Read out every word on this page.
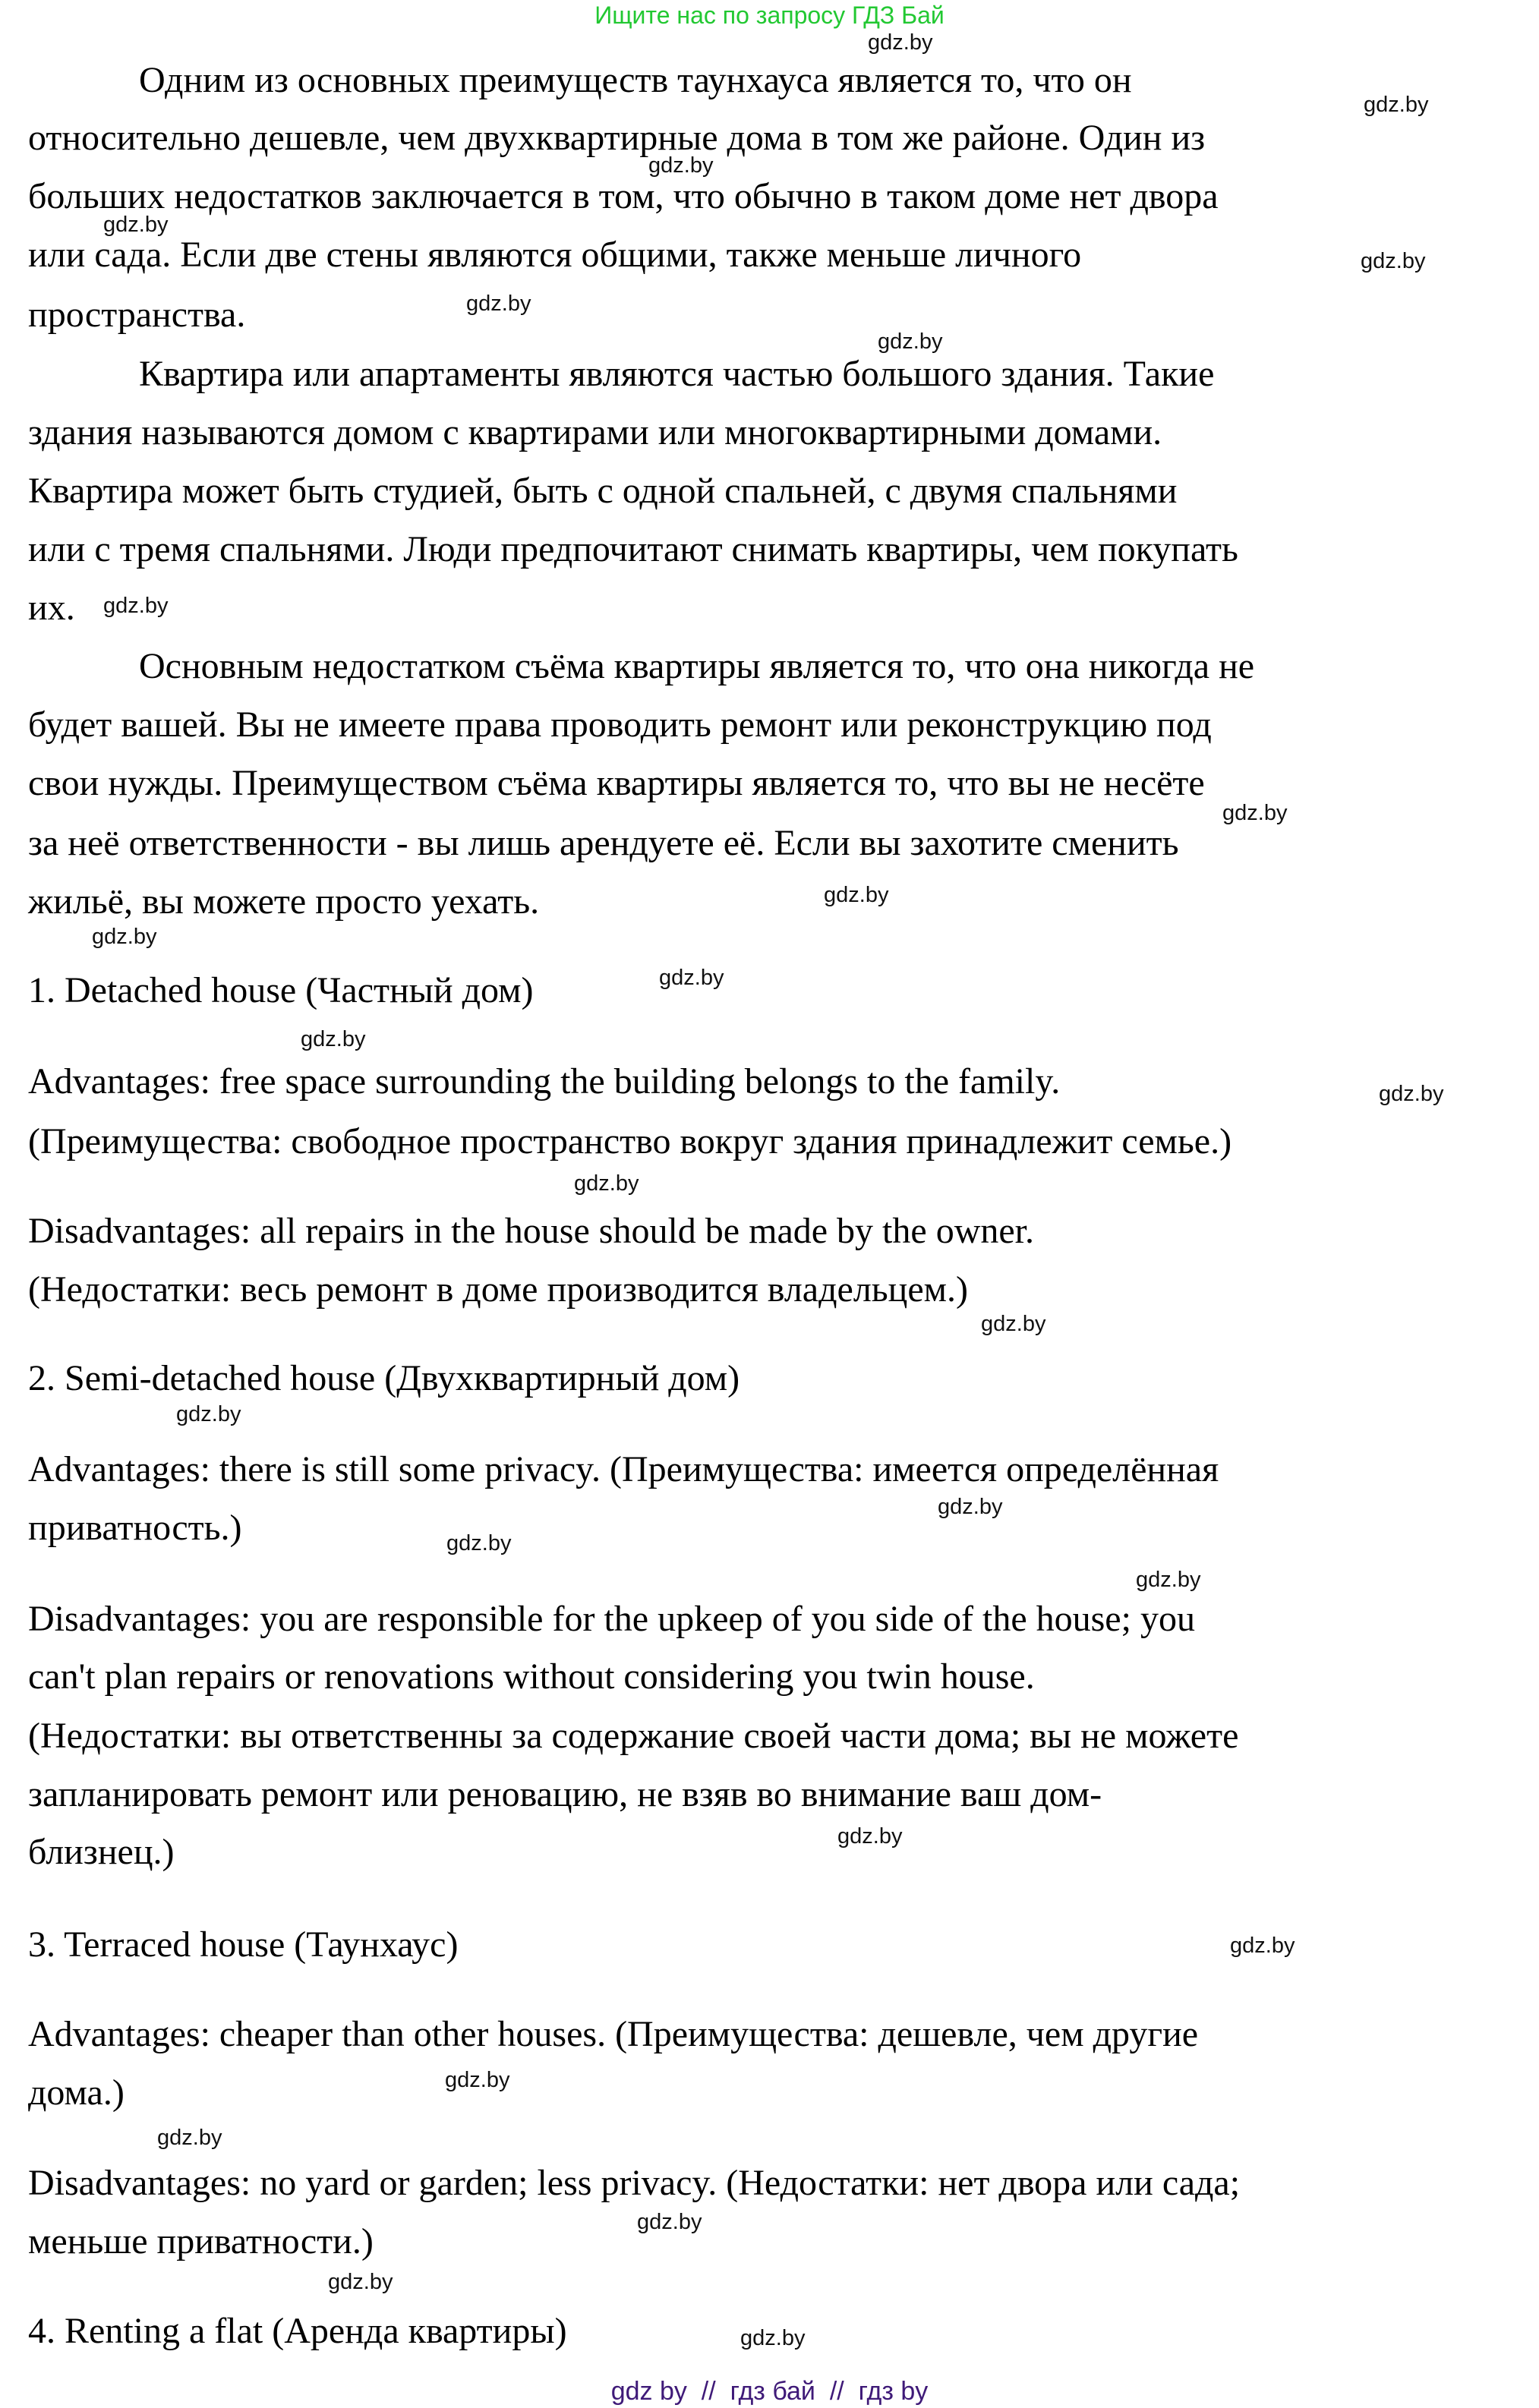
Ищите нас по запросу ГДЗ Бай
Одним из основных преимуществ таунхауса является то, что он
относительно дешевле, чем двухквартирные дома в том же районе. Один из
больших недостатков заключается в том, что обычно в таком доме нет двора
или сада. Если две стены являются общими, также меньше личного
пространства.
Квартира или апартаменты являются частью большого здания. Такие
здания называются домом с квартирами или многоквартирными домами.
Квартира может быть студией, быть с одной спальней, с двумя спальнями
или с тремя спальнями. Люди предпочитают снимать квартиры, чем покупать
их.
Основным недостатком съёма квартиры является то, что она никогда не
будет вашей. Вы не имеете права проводить ремонт или реконструкцию под
свои нужды. Преимуществом съёма квартиры является то, что вы не несёте
за неё ответственности - вы лишь арендуете её. Если вы захотите сменить
жильё, вы можете просто уехать.
1. Detached house (Частный дом)
Advantages: free space surrounding the building belongs to the family.
(Преимущества: свободное пространство вокруг здания принадлежит семье.)
Disadvantages: all repairs in the house should be made by the owner.
(Недостатки: весь ремонт в доме производится владельцем.)
2. Semi-detached house (Двухквартирный дом)
Advantages: there is still some privacy. (Преимущества: имеется определённая
приватность.)
Disadvantages: you are responsible for the upkeep of you side of the house; you
can't plan repairs or renovations without considering you twin house.
(Недостатки: вы ответственны за содержание своей части дома; вы не можете
запланировать ремонт или реновацию, не взяв во внимание ваш дом-
близнец.)
3. Terraced house (Таунхаус)
Advantages: cheaper than other houses. (Преимущества: дешевле, чем другие
дома.)
Disadvantages: no yard or garden; less privacy. (Недостатки: нет двора или сада;
меньше приватности.)
4. Renting a flat (Аренда квартиры)
gdz.by
gdz.by
gdz.by
gdz.by
gdz.by
gdz.by
gdz.by
gdz.by
gdz.by
gdz.by
gdz.by
gdz.by
gdz.by
gdz.by
gdz.by
gdz.by
gdz.by
gdz.by
gdz.by
gdz.by
gdz.by
gdz.by
gdz.by
gdz.by
gdz.by
gdz.by
gdz.by
gdz by  //  гдз бай  //  гдз by
